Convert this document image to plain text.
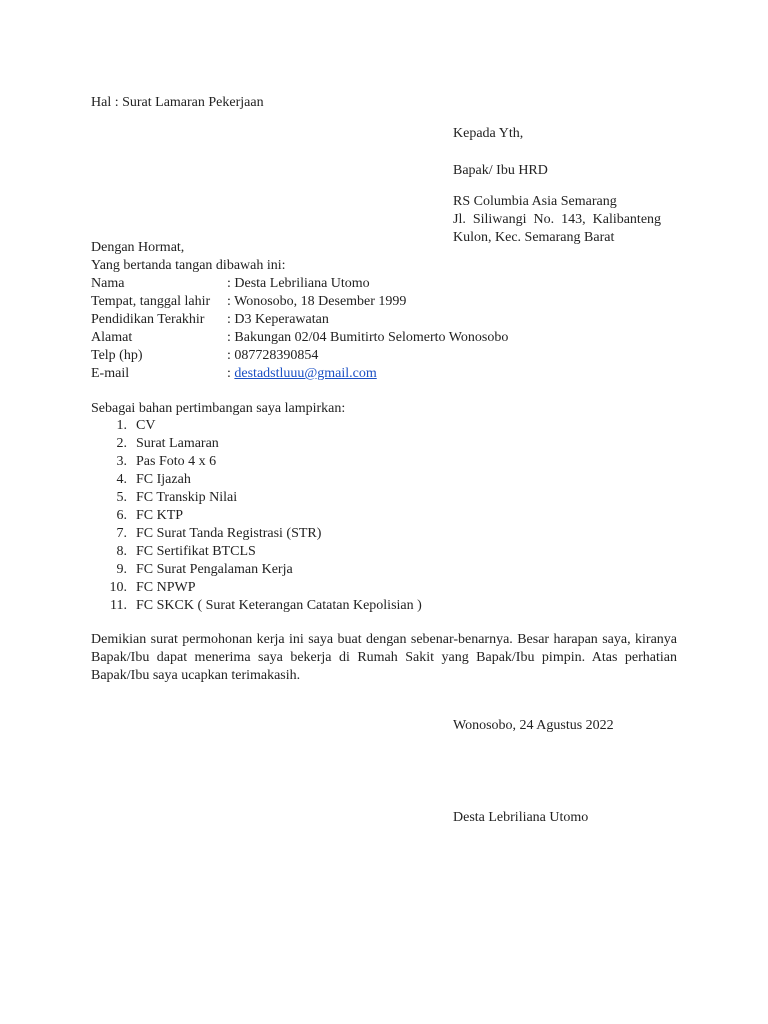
Hal : Surat Lamaran Pekerjaan
Kepada Yth,
Bapak/ Ibu HRD
RS Columbia Asia Semarang
Jl.  Siliwangi  No.  143,  Kalibanteng
Kulon, Kec. Semarang Barat
Dengan Hormat,
Yang bertanda tangan dibawah ini:
Nama	: Desta Lebriliana Utomo
Tempat, tanggal lahir	: Wonosobo, 18 Desember 1999
Pendidikan Terakhir	: D3 Keperawatan
Alamat	: Bakungan 02/04 Bumitirto Selomerto Wonosobo
Telp (hp)	: 087728390854
E-mail	: destadstluuu@gmail.com
Sebagai bahan pertimbangan saya lampirkan:
1. CV
2. Surat Lamaran
3. Pas Foto 4 x 6
4. FC Ijazah
5. FC Transkip Nilai
6. FC KTP
7. FC Surat Tanda Registrasi (STR)
8. FC Sertifikat BTCLS
9. FC Surat Pengalaman Kerja
10. FC NPWP
11. FC SKCK ( Surat Keterangan Catatan Kepolisian )
Demikian surat permohonan kerja ini saya buat dengan sebenar-benarnya. Besar harapan saya, kiranya Bapak/Ibu dapat menerima saya bekerja di Rumah Sakit yang Bapak/Ibu pimpin. Atas perhatian Bapak/Ibu saya ucapkan terimakasih.
Wonosobo, 24 Agustus 2022
Desta Lebriliana Utomo
